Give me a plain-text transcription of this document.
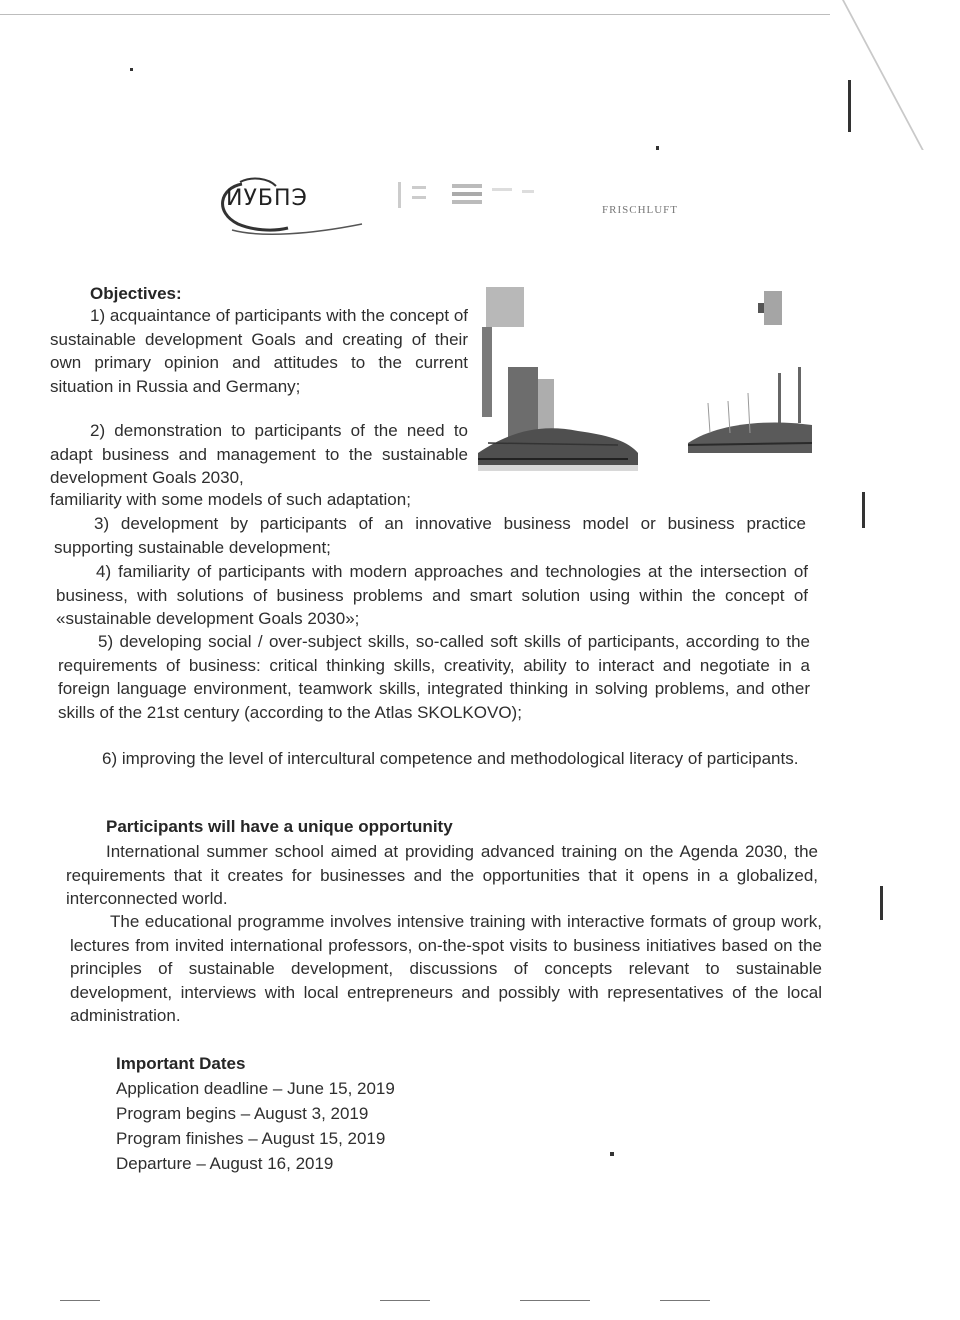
ИУБПЭ	FRISCHLUFT
Objectives:

1) acquaintance of participants with the concept of sustainable development Goals and creating of their own primary opinion and attitudes to the current situation in Russia and Germany;

2) demonstration to participants of the need to adapt business and management to the sustainable development Goals 2030,

familiarity with some models of such adaptation;

3) development by participants of an innovative business model or business practice supporting sustainable development;

4) familiarity of participants with modern approaches and technologies at the intersection of business, with solutions of business problems and smart solution using within the concept of «sustainable development Goals 2030»;

5) developing social / over-subject skills, so-called soft skills of participants, according to the requirements of business: critical thinking skills, creativity, ability to interact and negotiate in a foreign language environment, teamwork skills, integrated thinking in solving problems, and other skills of the 21st century (according to the Atlas SKOLKOVO);

6) improving the level of intercultural competence and methodological literacy of participants.

Participants will have a unique opportunity

International summer school aimed at providing advanced training on the Agenda 2030, the requirements that it creates for businesses and the opportunities that it opens in a globalized, interconnected world.

The educational programme involves intensive training with interactive formats of group work, lectures from invited international professors, on-the-spot visits to business initiatives based on the principles of sustainable development, discussions of concepts relevant to sustainable development, interviews with local entrepreneurs and possibly with representatives of the local administration.

Important Dates
Application deadline – June 15, 2019
Program begins – August 3, 2019
Program finishes – August 15, 2019
Departure – August 16, 2019
